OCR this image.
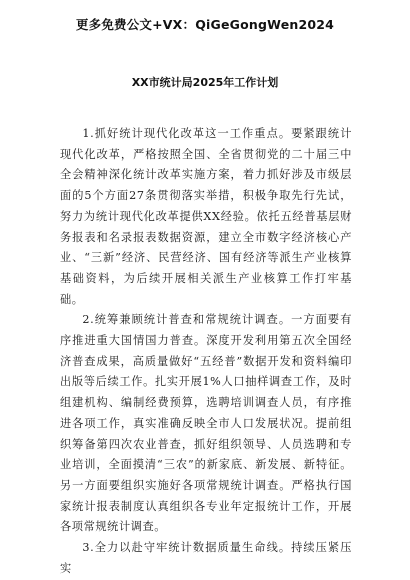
更多免费公文+VX：QiGeGongWen2024
XX市统计局2025年工作计划

1.抓好统计现代化改革这一工作重点。要紧跟统计现代化改革，严格按照全国、全省贯彻党的二十届三中全会精神深化统计改革实施方案，着力抓好涉及市级层面的5个方面27条贯彻落实举措，积极争取先行先试，努力为统计现代化改革提供XX经验。依托五经普基层财务报表和名录报表数据资源，建立全市数字经济核心产业、“三新”经济、民营经济、国有经济等派生产业核算基础资料，为后续开展相关派生产业核算工作打牢基础。

2.统筹兼顾统计普查和常规统计调查。一方面要有序推进重大国情国力普查。深度开发利用第五次全国经济普查成果，高质量做好“五经普”数据开发和资料编印出版等后续工作。扎实开展1%人口抽样调查工作，及时组建机构、编制经费预算，选聘培训调查人员，有序推进各项工作，真实准确反映全市人口发展状况。提前组织筹备第四次农业普查，抓好组织领导、人员选聘和专业培训，全面摸清“三农”的新家底、新发展、新特征。另一方面要组织实施好各项常规统计调查。严格执行国家统计报表制度认真组织各专业年定报统计工作，开展各项常规统计调查。

3.全力以赴守牢统计数据质量生命线。持续压紧压实
